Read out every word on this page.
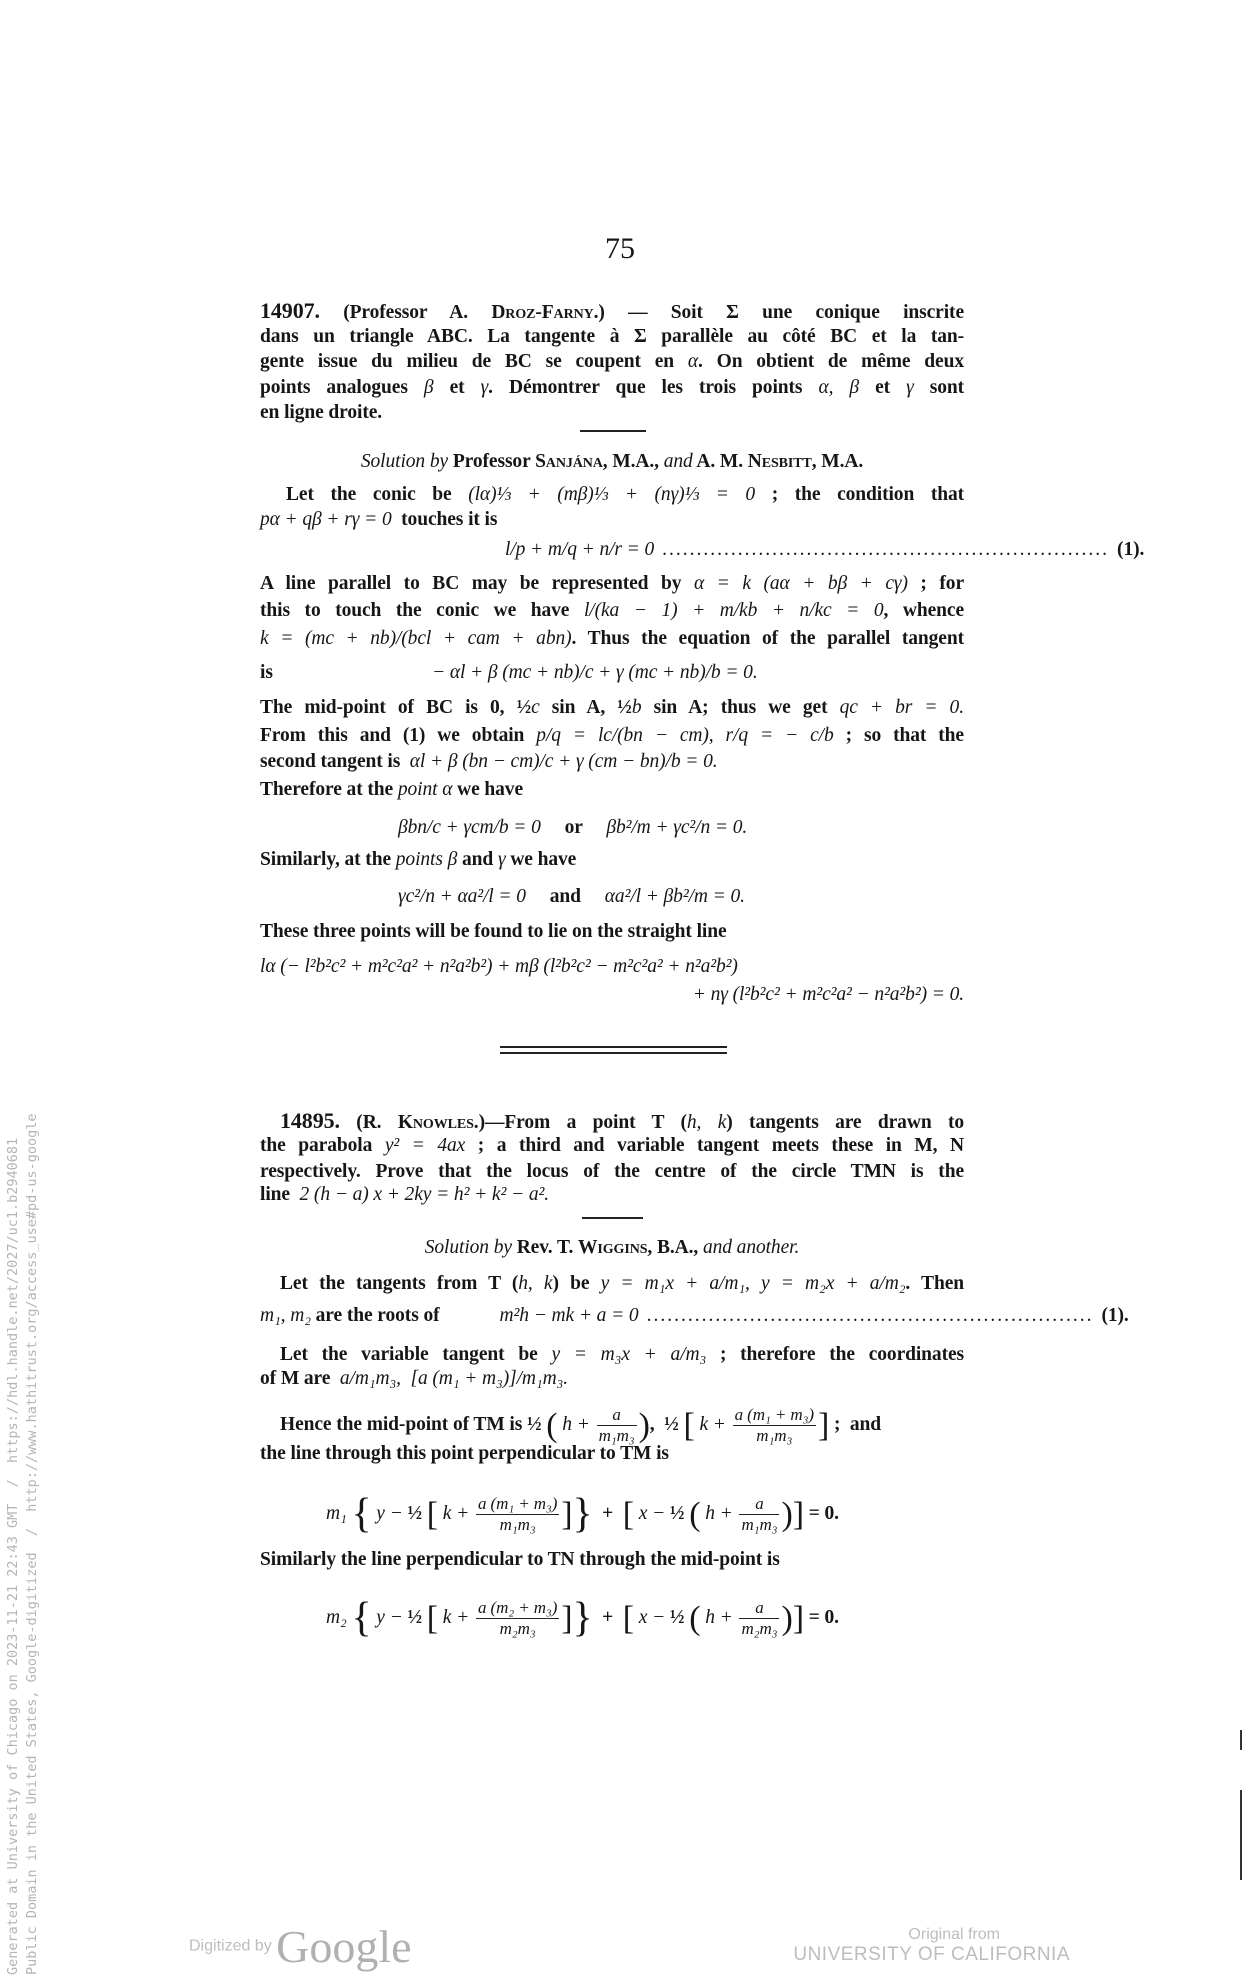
75
14907. (Professor A. Droz-Farny.) — Soit Σ une conique inscrite
dans un triangle ABC. La tangente à Σ parallèle au côté BC et la tan-
gente issue du milieu de BC se coupent en α. On obtient de même deux
points analogues β et γ. Démontrer que les trois points α, β et γ sont
en ligne droite.
Solution by Professor Sanjána, M.A., and A. M. Nesbitt, M.A.
Let the conic be (lα)⅓ + (mβ)⅓ + (nγ)⅓ = 0 ; the condition that
pα + qβ + rγ = 0  touches it is
l/p + m/q + n/r = 0 ................................................................. (1).
A line parallel to BC may be represented by α = k (aα + bβ + cγ) ; for
this to touch the conic we have l/(ka − 1) + m/kb + n/kc = 0, whence
k = (mc + nb)/(bcl + cam + abn). Thus the equation of the parallel tangent
is	− αl + β (mc + nb)/c + γ (mc + nb)/b = 0.
The mid-point of BC is 0, ½c sin A, ½b sin A; thus we get qc + br = 0.
From this and (1) we obtain p/q = lc/(bn − cm), r/q = − c/b ; so that the
second tangent is  αl + β (bn − cm)/c + γ (cm − bn)/b = 0.
Therefore at the point α we have
βbn/c + γcm/b = 0     or     βb²/m + γc²/n = 0.
Similarly, at the points β and γ we have
γc²/n + αa²/l = 0     and     αa²/l + βb²/m = 0.
These three points will be found to lie on the straight line
lα (− l²b²c² + m²c²a² + n²a²b²) + mβ (l²b²c² − m²c²a² + n²a²b²)
+ nγ (l²b²c² + m²c²a² − n²a²b²) = 0.
14895. (R. Knowles.)—From a point T (h, k) tangents are drawn to
the parabola y² = 4ax ; a third and variable tangent meets these in M, N
respectively. Prove that the locus of the centre of the circle TMN is the
line  2 (h − a) x + 2ky = h² + k² − a².
Solution by Rev. T. Wiggins, B.A., and another.
Let the tangents from T (h, k) be y = m₁x + a/m₁, y = m₂x + a/m₂. Then
m₁, m₂ are the roots of	m²h − mk + a = 0 ................................................................. (1).
Let the variable tangent be y = m₃x + a/m₃ ; therefore the coordinates
of M are  a/m₁m₃,  [a (m₁ + m₃)]/m₁m₃.
Hence the mid-point of TM is ½ ( $h + \frac{a}{\text{m₁m₃}}$ ),  ½ [ $k + \frac{\text{a (m₁ + m₃)}}{\text{m₁m₃}}$ ] ;  and
the line through this point perpendicular to TM is
m₁ { y − ½ [ $k + \frac{\text{a (m₁ + m₃)}}{\text{m₁m₃}}$ ]}  +  [ x − ½ ( $h + \frac{a}{\text{m₁m₃}}$ )] = 0.
Similarly the line perpendicular to TN through the mid-point is
m₂ { y − ½ [ $k + \frac{\text{a (m₂ + m₃)}}{\text{m₂m₃}}$ ]}  +  [ x − ½ ( $h + \frac{a}{\text{m₂m₃}}$ )] = 0.
Generated at University of Chicago on 2023-11-21 22:43 GMT  /  https://hdl.handle.net/2027/uc1.b2940681 Public Domain in the United States, Google-digitized  /  http://www.hathitrust.org/access_use#pd-us-google	Digitized by Google	Original from
UNIVERSITY OF CALIFORNIA
